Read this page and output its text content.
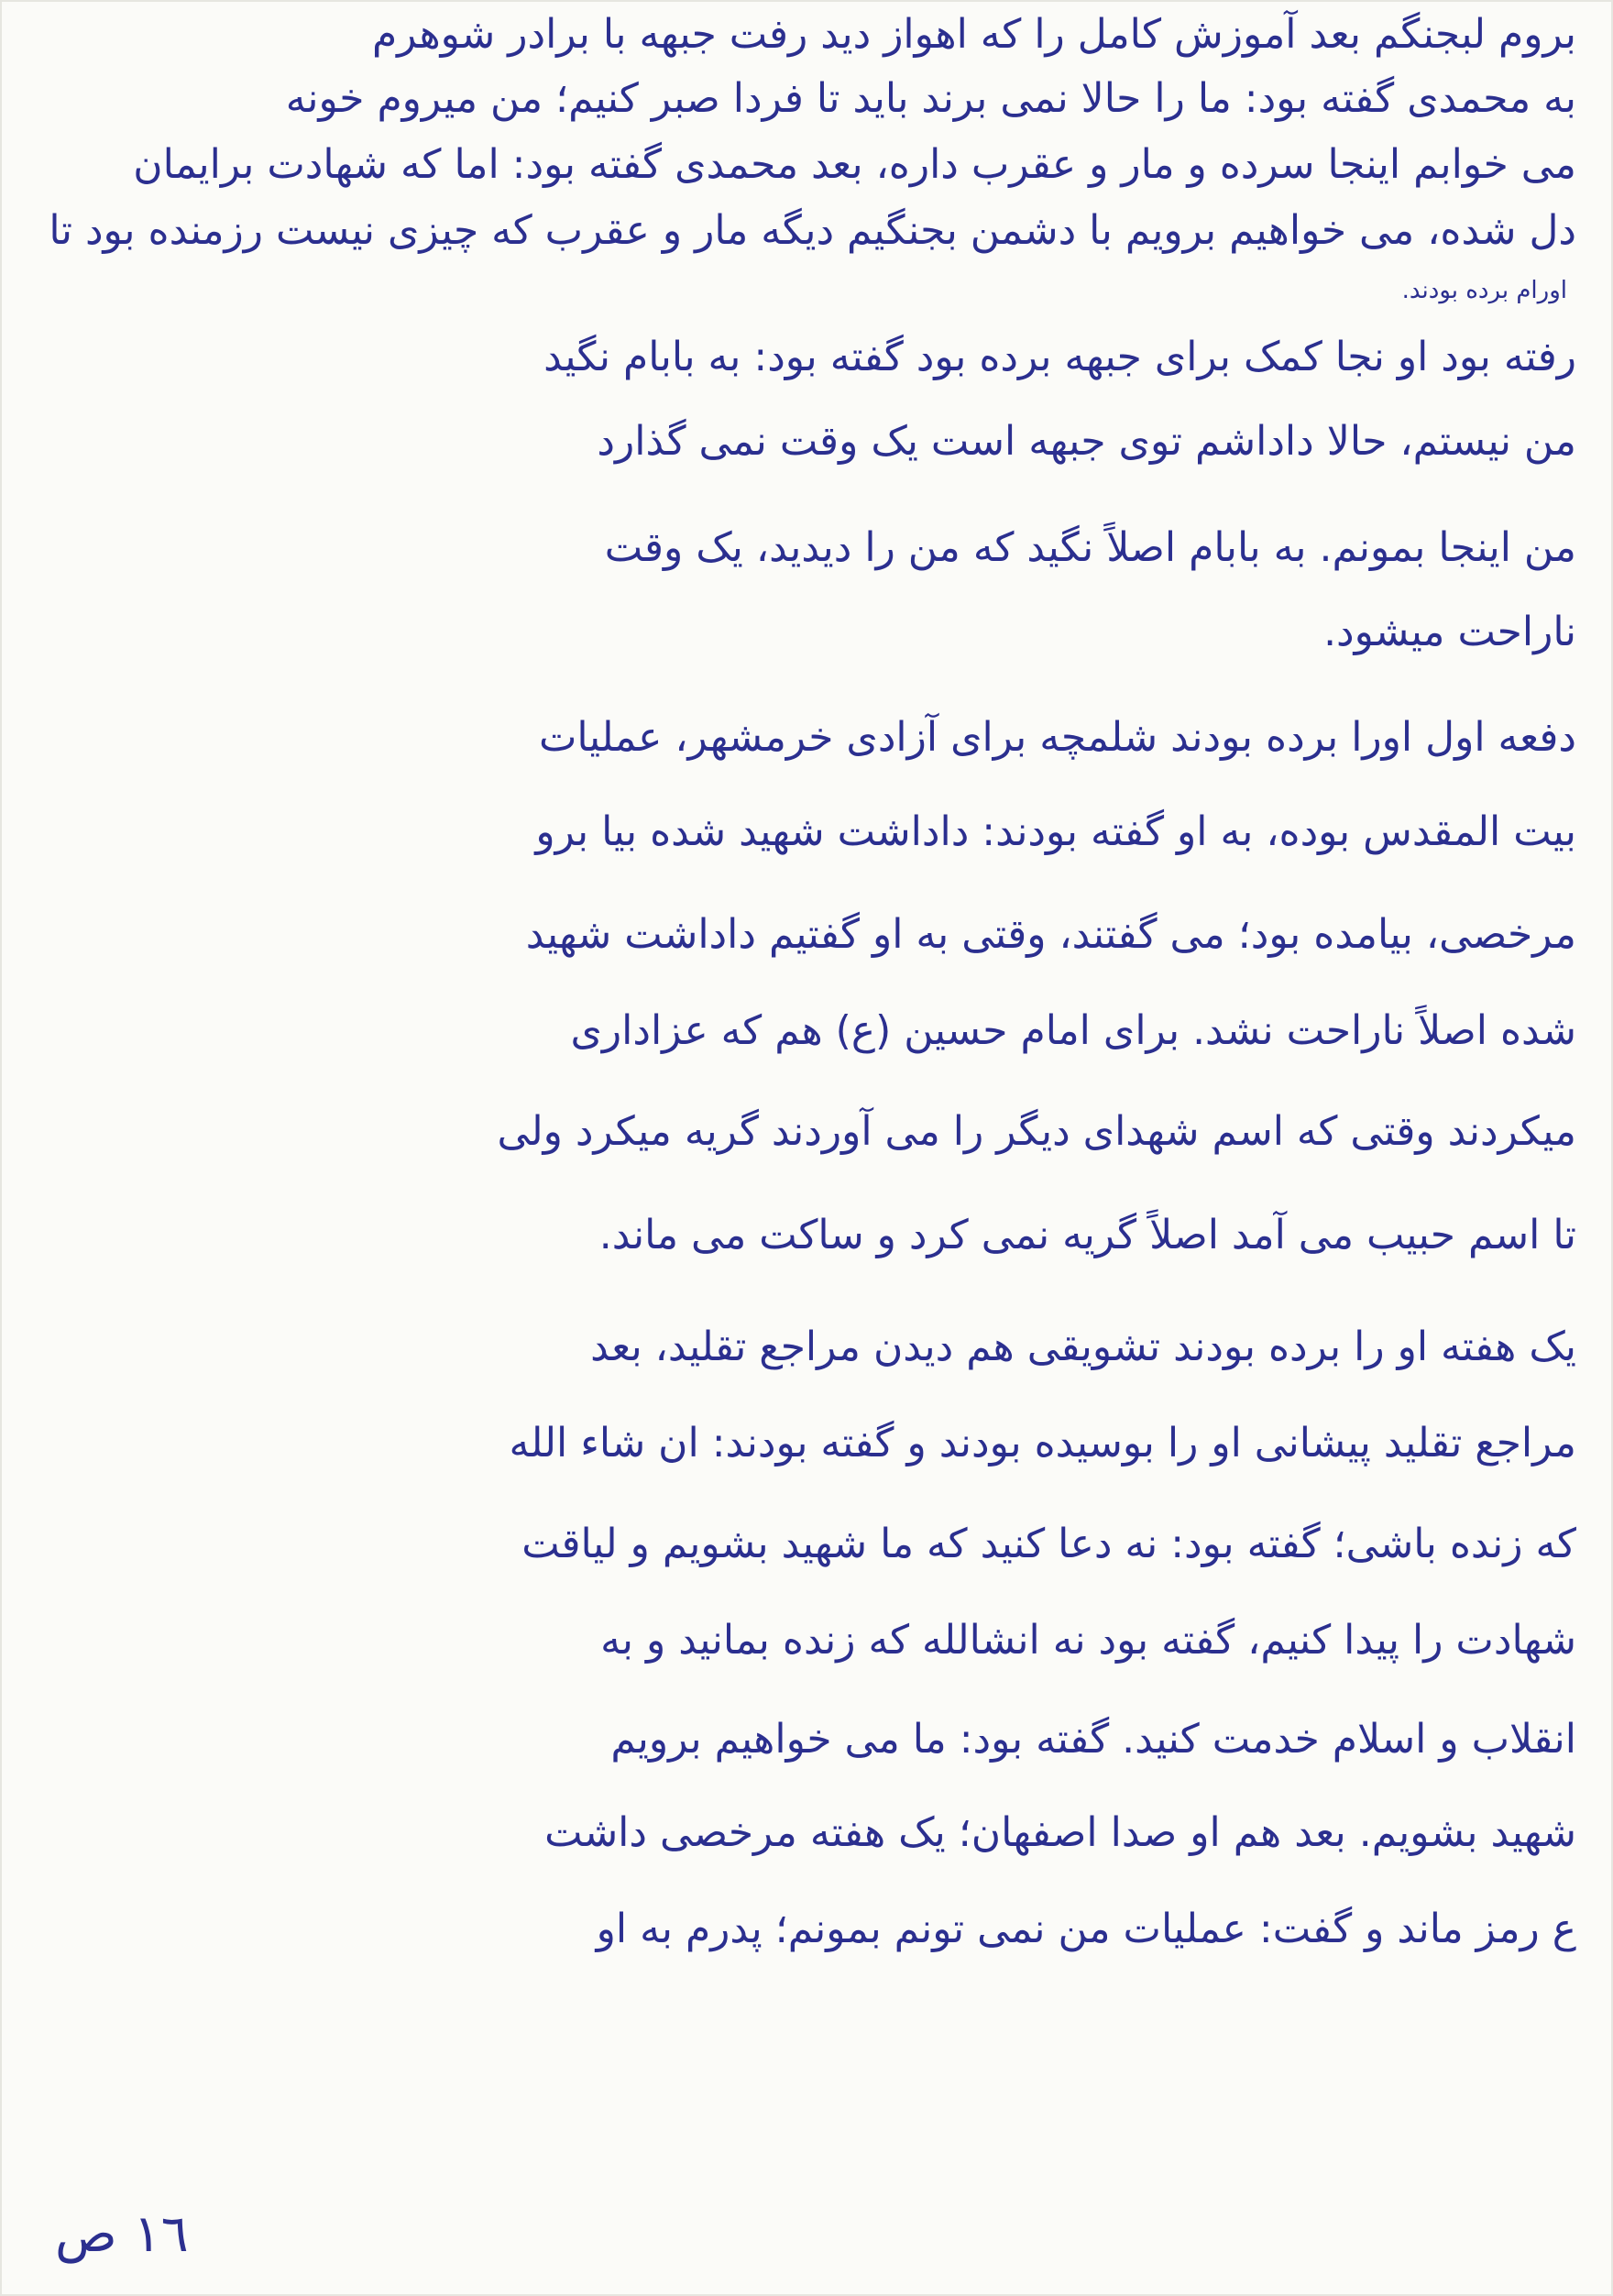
بروم لبجنگم بعد آموزش کامل را که اهواز دید رفت جبهه با برادر شوهرم
به محمدی گفته بود: ما را حالا نمی برند باید تا فردا صبر کنیم؛ من میروم خونه
می خوابم اینجا سرده و مار و عقرب داره، بعد محمدی گفته بود: اما که شهادت برایمان
دل شده، می خواهیم برویم با دشمن بجنگیم دیگه مار و عقرب که چیزی نیست رزمنده بود تا
اورام برده بودند.
رفته بود او نجا کمک برای جبهه برده بود گفته بود: به بابام نگید
من نیستم، حالا داداشم توی جبهه است یک وقت نمی گذارد
من اینجا بمونم. به بابام اصلاً نگید که من را دیدید، یک وقت
ناراحت میشود.
دفعه اول اورا برده بودند شلمچه برای آزادی خرمشهر، عملیات
بیت المقدس بوده، به او گفته بودند: داداشت شهید شده بیا برو
مرخصی، بیامده بود؛ می گفتند، وقتی به او گفتیم داداشت شهید
شده اصلاً ناراحت نشد. برای امام حسین (ع) هم که عزاداری
میکردند وقتی که اسم شهدای دیگر را می آوردند گریه میکرد ولی
تا اسم حبیب می آمد اصلاً گریه نمی کرد و ساکت می ماند.
یک هفته او را برده بودند تشویقی هم دیدن مراجع تقلید، بعد
مراجع تقلید پیشانی او را بوسیده بودند و گفته بودند: ان شاء الله
که زنده باشی؛ گفته بود: نه دعا کنید که ما شهید بشویم و لیاقت
شهادت را پیدا کنیم، گفته بود نه انشالله که زنده بمانید و به
انقلاب و اسلام خدمت کنید. گفته بود: ما می خواهیم برویم
شهید بشویم. بعد هم او صدا اصفهان؛ یک هفته مرخصی داشت
ع رمز ماند و گفت: عملیات من نمی تونم بمونم؛ پدرم به او
١٦ ص
